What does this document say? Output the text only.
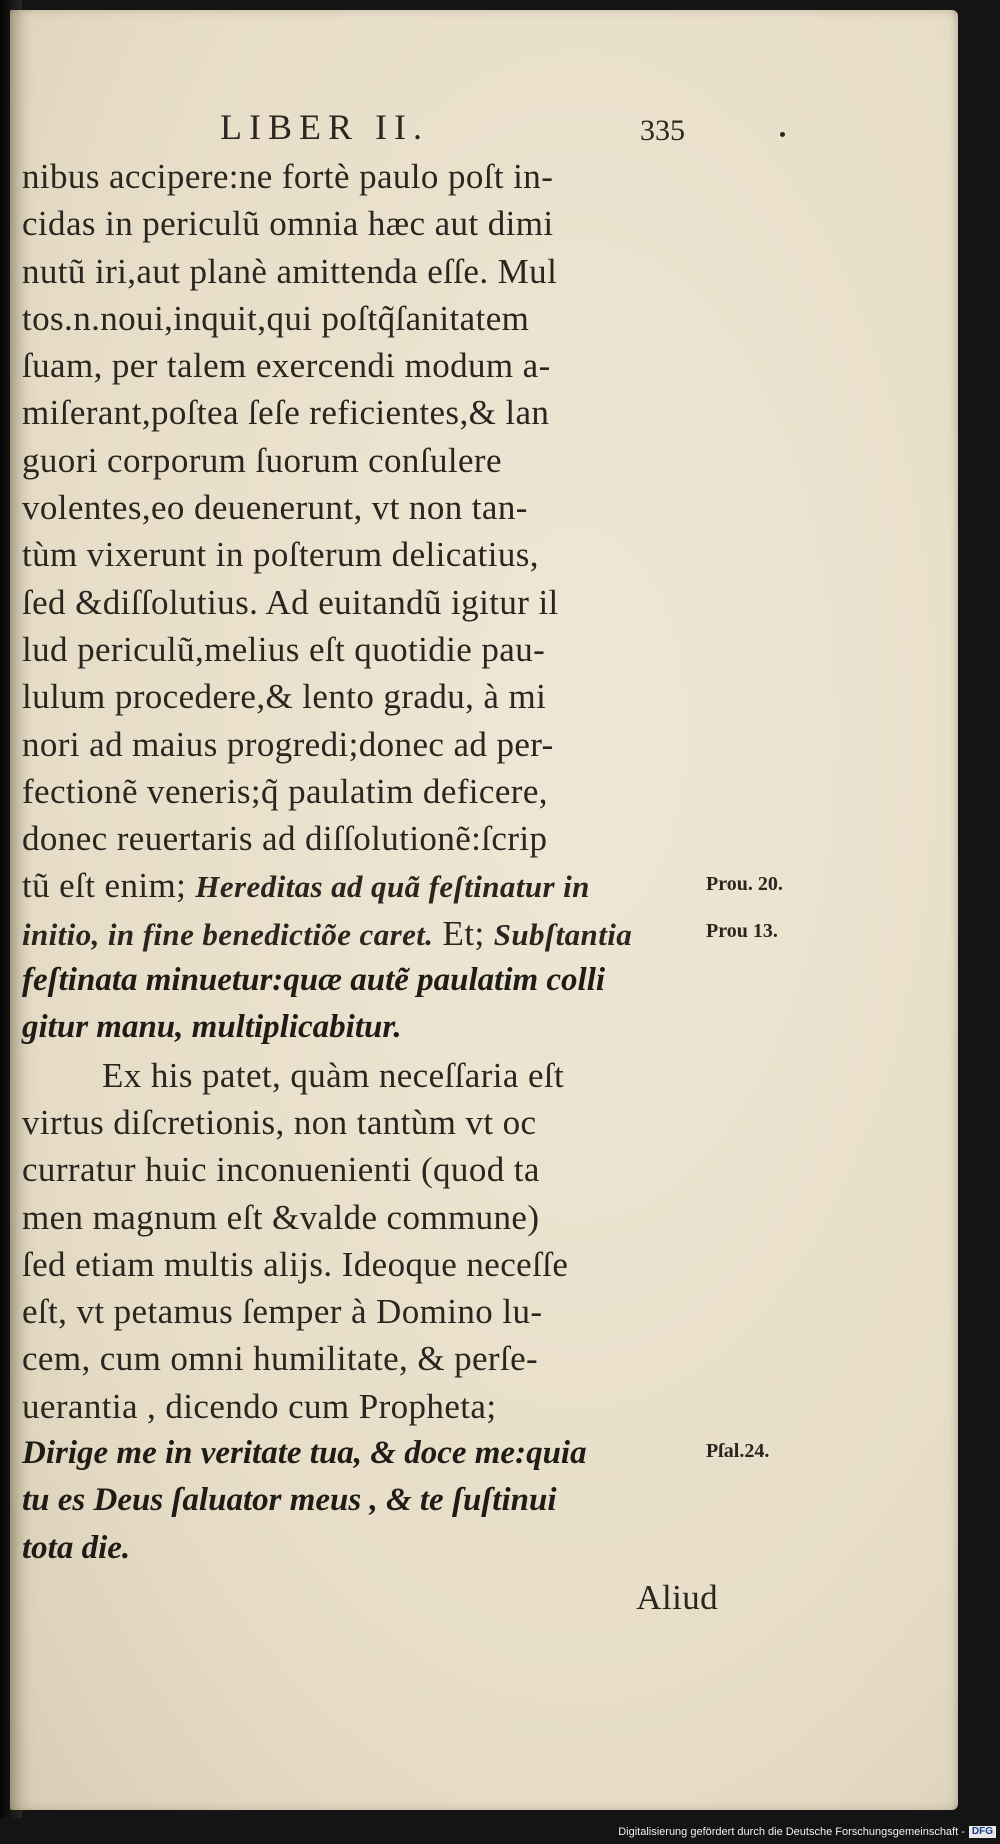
LIBER II.	335
nibus accipere:ne fortè paulo poſt in-
cidas in periculũ omnia hæc aut dimi
nutũ iri,aut planè amittenda eſſe. Mul
tos.n.noui,inquit,qui poſtq̃ſanitatem
ſuam, per talem exercendi modum a-
miſerant,poſtea ſeſe reficientes,& lan
guori corporum ſuorum conſulere
volentes,eo deuenerunt, vt non tan-
tùm vixerunt in poſterum delicatius,
ſed &diſſolutius. Ad euitandũ igitur il
lud periculũ,melius eſt quotidie pau-
lulum procedere,& lento gradu, à mi
nori ad maius progredi;donec ad per-
fectionẽ veneris;q̃ paulatim deficere,
donec reuertaris ad diſſolutionẽ:ſcrip
tũ eſt enim; Hereditas ad quã feſtinatur in
initio, in fine benedictiõe caret. Et; Subſtantia
feſtinata minuetur:quæ autẽ paulatim colli
gitur manu, multiplicabitur.
Ex his patet, quàm neceſſaria eſt
virtus diſcretionis, non tantùm vt oc
curratur huic inconuenienti (quod ta
men magnum eſt &valde commune)
ſed etiam multis alijs. Ideoque neceſſe
eſt, vt petamus ſemper à Domino lu-
cem, cum omni humilitate, & perſe-
uerantia , dicendo cum Propheta;
Dirige me in veritate tua, & doce me:quia
tu es Deus ſaluator meus , & te ſuſtinui
tota die.
Aliud
Prou. 20.
Prou 13.
Pſal.24.
Digitalisierung gefördert durch die Deutsche Forschungsgemeinschaft - DFG
